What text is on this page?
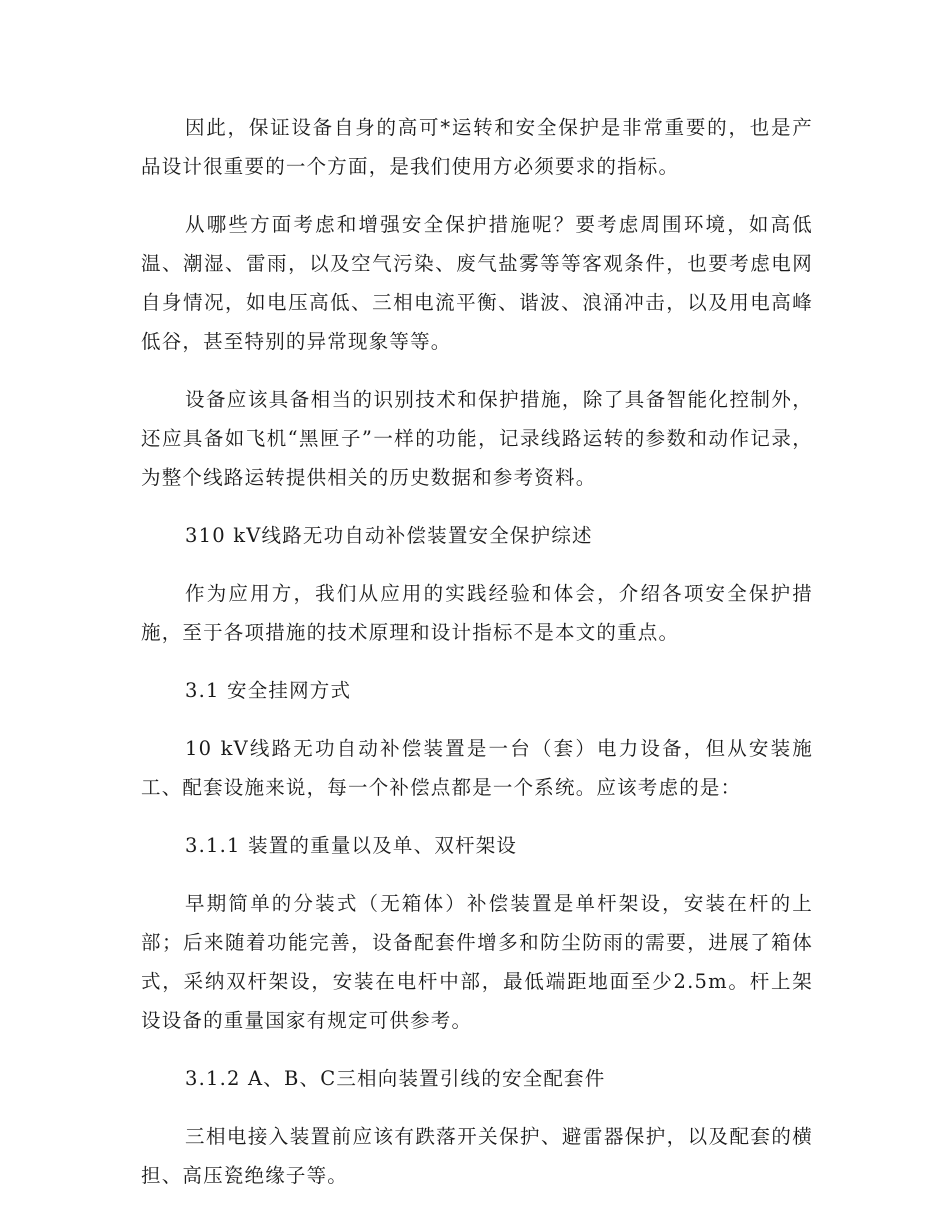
因此，保证设备自身的高可*运转和安全保护是非常重要的，也是产品设计很重要的一个方面，是我们使用方必须要求的指标。

从哪些方面考虑和增强安全保护措施呢？要考虑周围环境，如高低温、潮湿、雷雨，以及空气污染、废气盐雾等等客观条件，也要考虑电网自身情况，如电压高低、三相电流平衡、谐波、浪涌冲击，以及用电高峰低谷，甚至特别的异常现象等等。

设备应该具备相当的识别技术和保护措施，除了具备智能化控制外，还应具备如飞机“黑匣子”一样的功能，记录线路运转的参数和动作记录，为整个线路运转提供相关的历史数据和参考资料。

310 kV线路无功自动补偿装置安全保护综述

作为应用方，我们从应用的实践经验和体会，介绍各项安全保护措施，至于各项措施的技术原理和设计指标不是本文的重点。

3.1 安全挂网方式

10 kV线路无功自动补偿装置是一台（套）电力设备，但从安装施工、配套设施来说，每一个补偿点都是一个系统。应该考虑的是：

3.1.1 装置的重量以及单、双杆架设

早期简单的分装式（无箱体）补偿装置是单杆架设，安装在杆的上部；后来随着功能完善，设备配套件增多和防尘防雨的需要，进展了箱体式，采纳双杆架设，安装在电杆中部，最低端距地面至少2.5m。杆上架设设备的重量国家有规定可供参考。

3.1.2 A、B、C三相向装置引线的安全配套件

三相电接入装置前应该有跌落开关保护、避雷器保护，以及配套的横担、高压瓷绝缘子等。
